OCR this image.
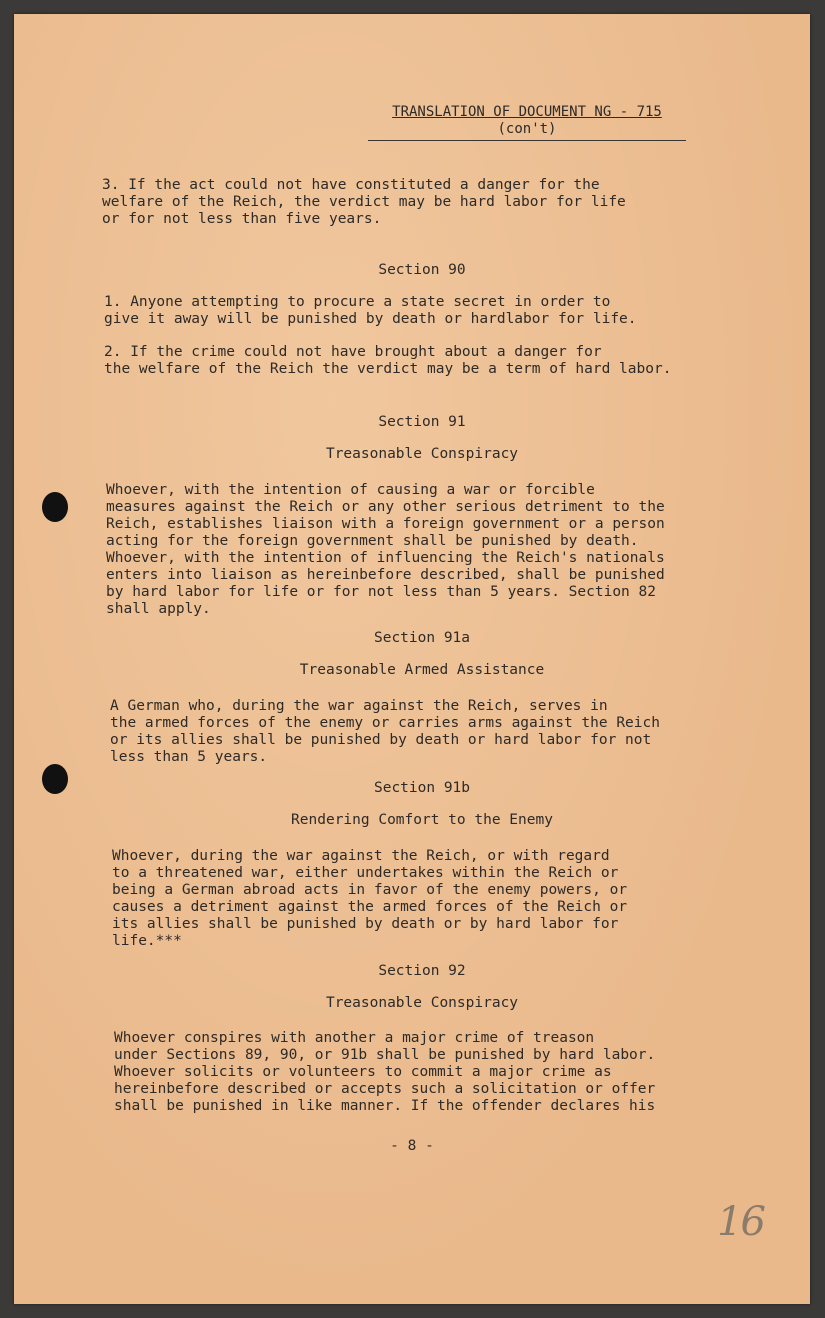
TRANSLATION OF DOCUMENT NG - 715
(con't)
3. If the act could not have constituted a danger for the
welfare of the Reich, the verdict may be hard labor for life
or for not less than five years.
Section 90
1. Anyone attempting to procure a state secret in order to
give it away will be punished by death or hardlabor for life.
2. If the crime could not have brought about a danger for
the welfare of the Reich the verdict may be a term of hard labor.
Section 91
Treasonable Conspiracy
Whoever, with the intention of causing a war or forcible
measures against the Reich or any other serious detriment to the
Reich, establishes liaison with a foreign government or a person
acting for the foreign government shall be punished by death.
Whoever, with the intention of influencing the Reich's nationals
enters into liaison as hereinbefore described, shall be punished
by hard labor for life or for not less than 5 years. Section 82
shall apply.
Section 91a
Treasonable Armed Assistance
A German who, during the war against the Reich, serves in
the armed forces of the enemy or carries arms against the Reich
or its allies shall be punished by death or hard labor for not
less than 5 years.
Section 91b
Rendering Comfort to the Enemy
Whoever, during the war against the Reich, or with regard
to a threatened war, either undertakes within the Reich or
being a German abroad acts in favor of the enemy powers, or
causes a detriment against the armed forces of the Reich or
its allies shall be punished by death or by hard labor for
life.***
Section 92
Treasonable Conspiracy
Whoever conspires with another a major crime of treason
under Sections 89, 90, or 91b shall be punished by hard labor.
Whoever solicits or volunteers to commit a major crime as
hereinbefore described or accepts such a solicitation or offer
shall be punished in like manner. If the offender declares his
- 8 -
16
